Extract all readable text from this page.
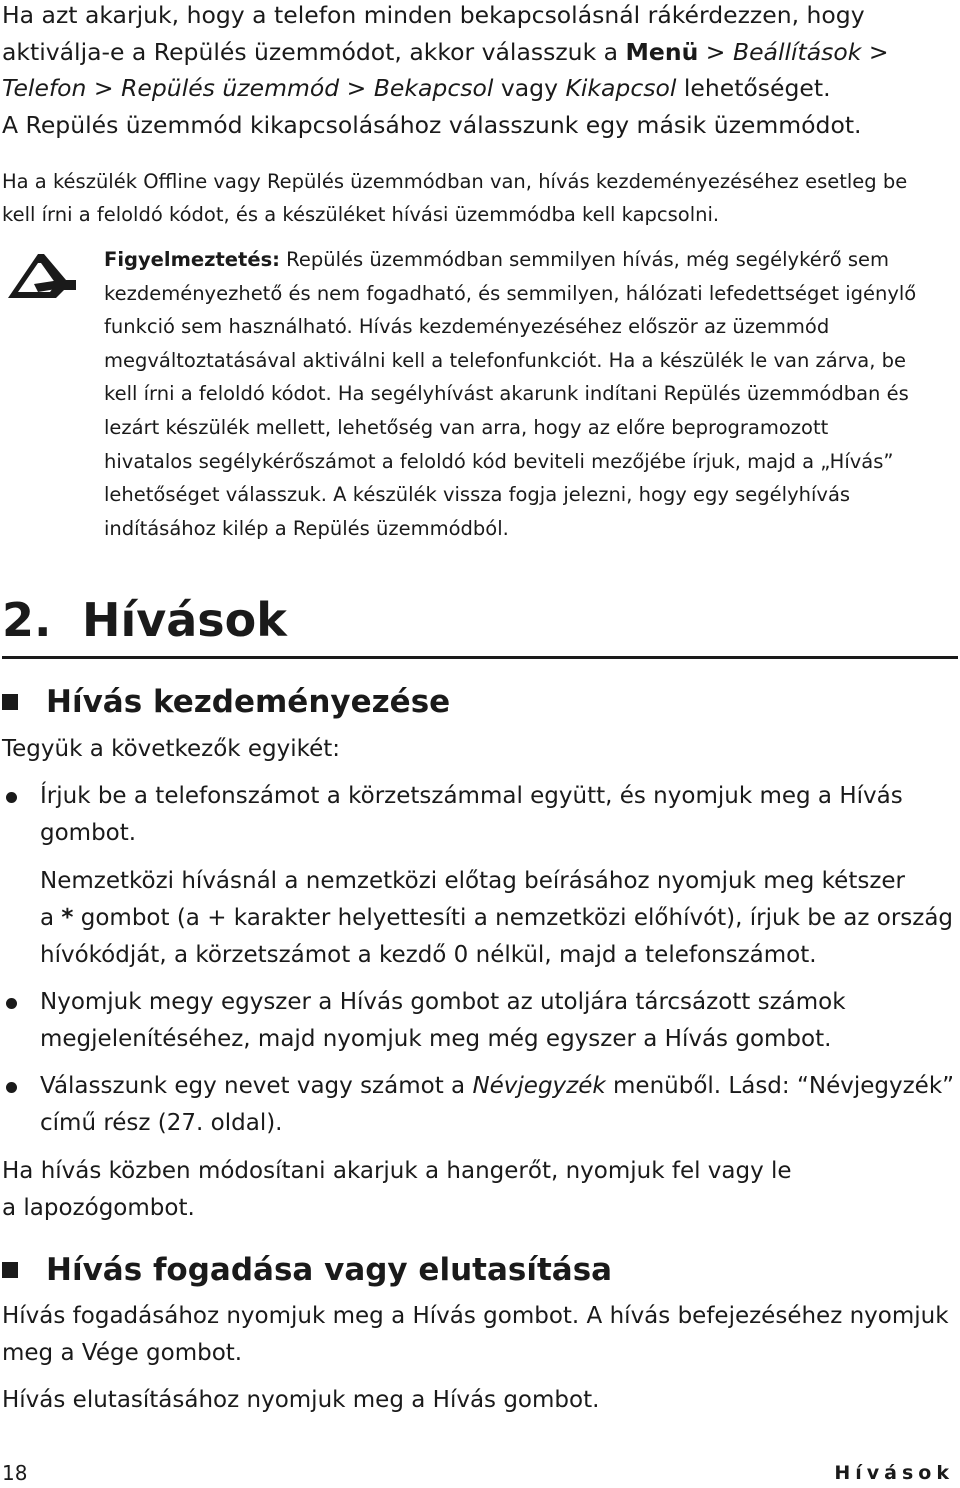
Ha azt akarjuk, hogy a telefon minden bekapcsolásnál rákérdezzen, hogy
aktiválja-e a Repülés üzemmódot, akkor válasszuk a Menü > Beállítások >
Telefon > Repülés üzemmód > Bekapcsol vagy Kikapcsol lehetőséget.
A Repülés üzemmód kikapcsolásához válasszunk egy másik üzemmódot.
Ha a készülék Offline vagy Repülés üzemmódban van, hívás kezdeményezéséhez esetleg be
kell írni a feloldó kódot, és a készüléket hívási üzemmódba kell kapcsolni.
Figyelmeztetés: Repülés üzemmódban semmilyen hívás, még segélykérő sem
kezdeményezhető és nem fogadható, és semmilyen, hálózati lefedettséget igénylő
funkció sem használható. Hívás kezdeményezéséhez először az üzemmód
megváltoztatásával aktiválni kell a telefonfunkciót. Ha a készülék le van zárva, be
kell írni a feloldó kódot. Ha segélyhívást akarunk indítani Repülés üzemmódban és
lezárt készülék mellett, lehetőség van arra, hogy az előre beprogramozott
hivatalos segélykérőszámot a feloldó kód beviteli mezőjébe írjuk, majd a „Hívás”
lehetőséget válasszuk. A készülék vissza fogja jelezni, hogy egy segélyhívás
indításához kilép a Repülés üzemmódból.
2. Hívások
Hívás kezdeményezése
Tegyük a következők egyikét:
Írjuk be a telefonszámot a körzetszámmal együtt, és nyomjuk meg a Hívás
gombot.
Nemzetközi hívásnál a nemzetközi előtag beírásához nyomjuk meg kétszer
a * gombot (a + karakter helyettesíti a nemzetközi előhívót), írjuk be az ország
hívókódját, a körzetszámot a kezdő 0 nélkül, majd a telefonszámot.
Nyomjuk megy egyszer a Hívás gombot az utoljára tárcsázott számok
megjelenítéséhez, majd nyomjuk meg még egyszer a Hívás gombot.
Válasszunk egy nevet vagy számot a Névjegyzék menüből. Lásd: “Névjegyzék”
című rész (27. oldal).
Ha hívás közben módosítani akarjuk a hangerőt, nyomjuk fel vagy le
a lapozógombot.
Hívás fogadása vagy elutasítása
Hívás fogadásához nyomjuk meg a Hívás gombot. A hívás befejezéséhez nyomjuk
meg a Vége gombot.
Hívás elutasításához nyomjuk meg a Hívás gombot.
18	Hívások
